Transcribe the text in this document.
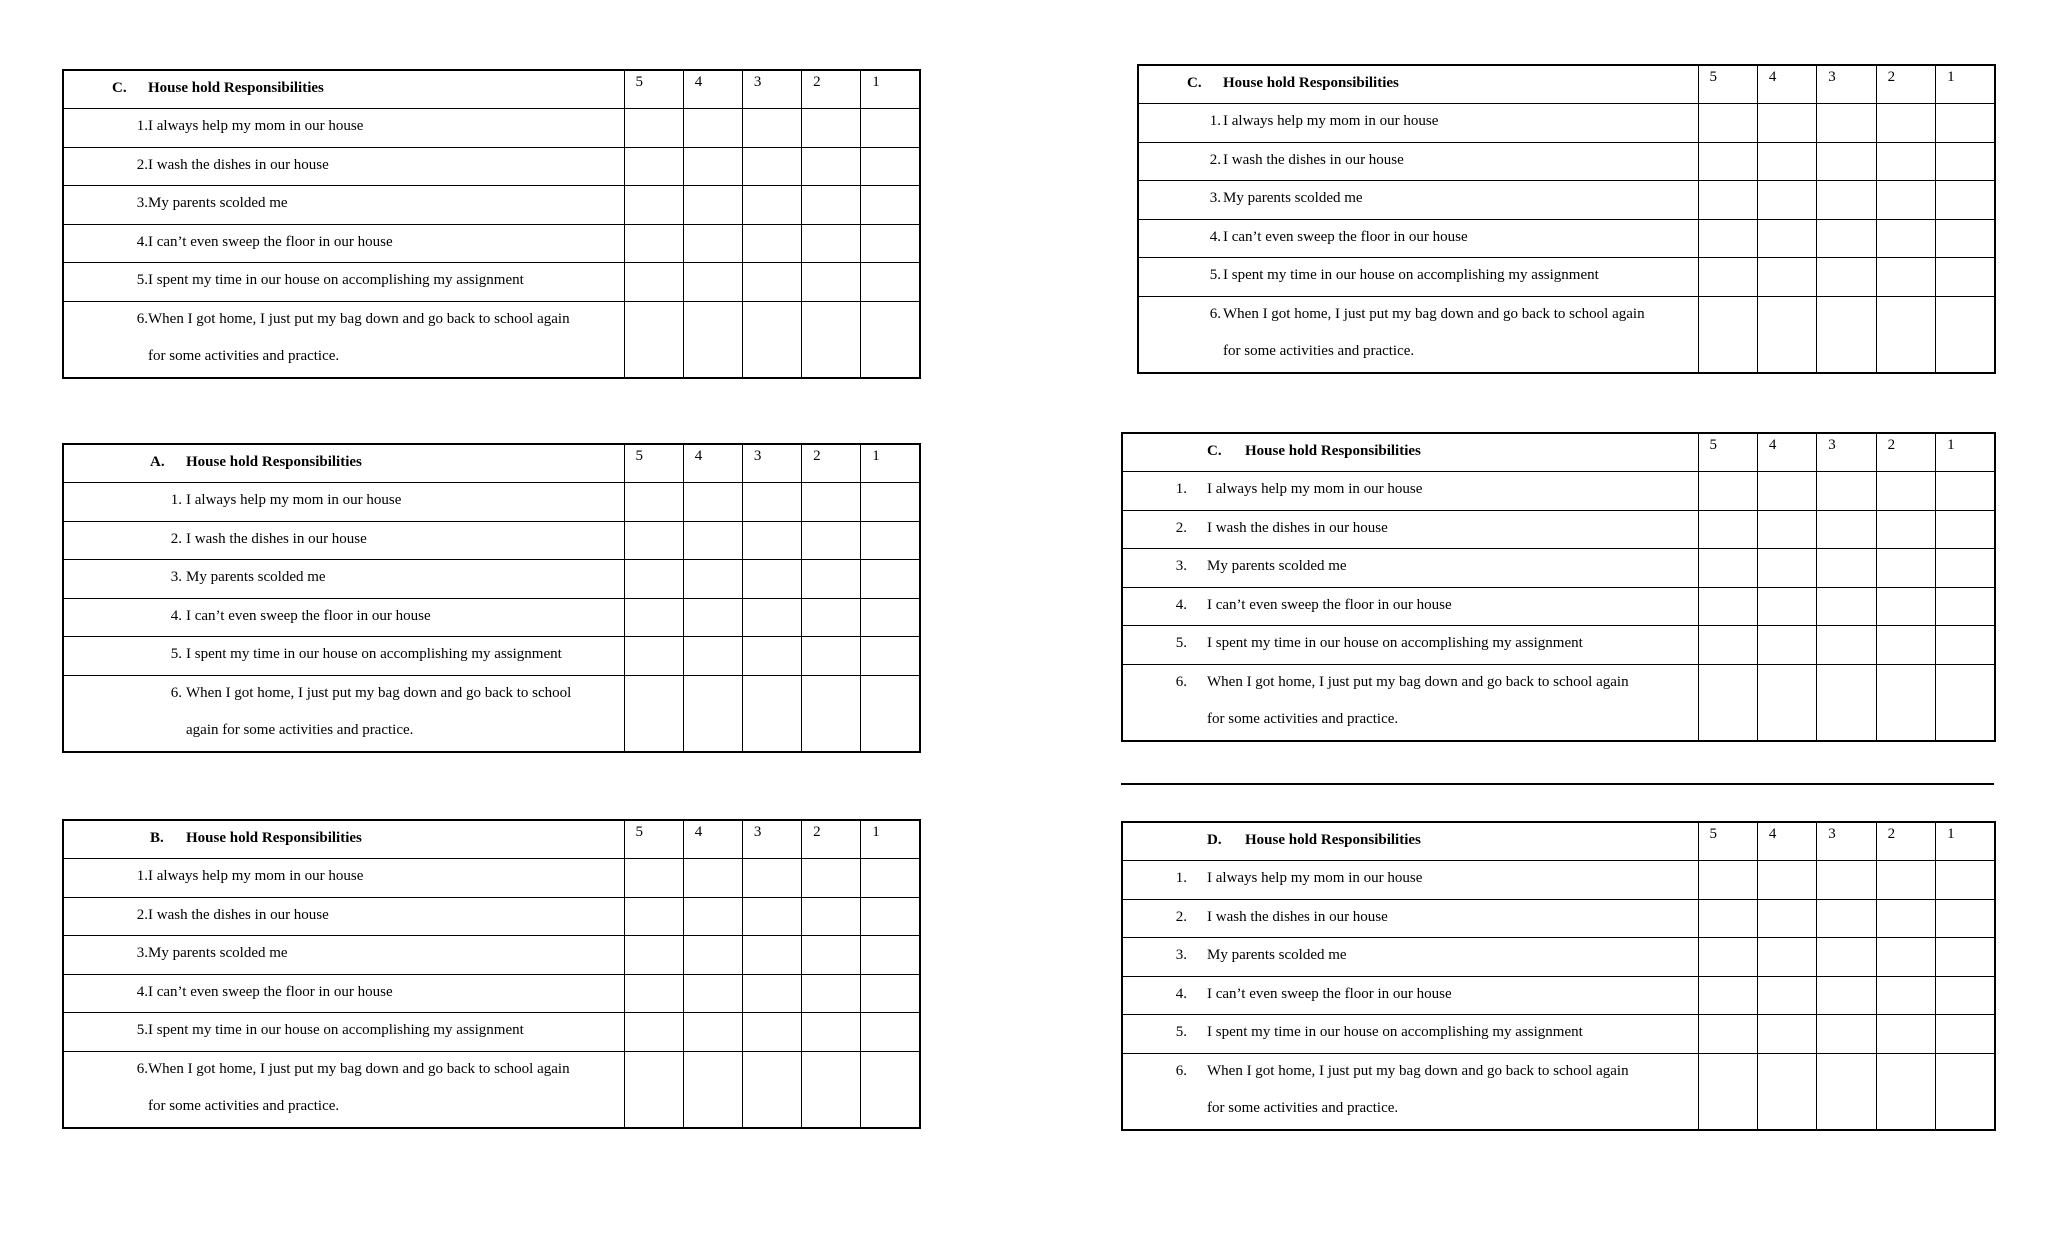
C. House hold Responsibilities	5	4	3	2	1

1. I always help my mom in our house					

2. I wash the dishes in our house					

3. My parents scolded me					

4. I can’t even sweep the floor in our house					

5. I spent my time in our house on accomplishing my assignment					

6. When I got home, I just put my bag down and go back to school again
for some activities and practice.					

A. House hold Responsibilities	5	4	3	2	1

1. I always help my mom in our house					

2. I wash the dishes in our house					

3. My parents scolded me					

4. I can’t even sweep the floor in our house					

5. I spent my time in our house on accomplishing my assignment					

6. When I got home, I just put my bag down and go back to school
again for some activities and practice.					

B. House hold Responsibilities	5	4	3	2	1

1. I always help my mom in our house					

2. I wash the dishes in our house					

3. My parents scolded me					

4. I can’t even sweep the floor in our house					

5. I spent my time in our house on accomplishing my assignment					

6. When I got home, I just put my bag down and go back to school again
for some activities and practice.					

C. House hold Responsibilities	5	4	3	2	1

1. I always help my mom in our house					

2. I wash the dishes in our house					

3. My parents scolded me					

4. I can’t even sweep the floor in our house					

5. I spent my time in our house on accomplishing my assignment					

6. When I got home, I just put my bag down and go back to school again
for some activities and practice.					

C. House hold Responsibilities	5	4	3	2	1

1. I always help my mom in our house					

2. I wash the dishes in our house					

3. My parents scolded me					

4. I can’t even sweep the floor in our house					

5. I spent my time in our house on accomplishing my assignment					

6. When I got home, I just put my bag down and go back to school again
for some activities and practice.					

D. House hold Responsibilities	5	4	3	2	1

1. I always help my mom in our house					

2. I wash the dishes in our house					

3. My parents scolded me					

4. I can’t even sweep the floor in our house					

5. I spent my time in our house on accomplishing my assignment					

6. When I got home, I just put my bag down and go back to school again
for some activities and practice.					
